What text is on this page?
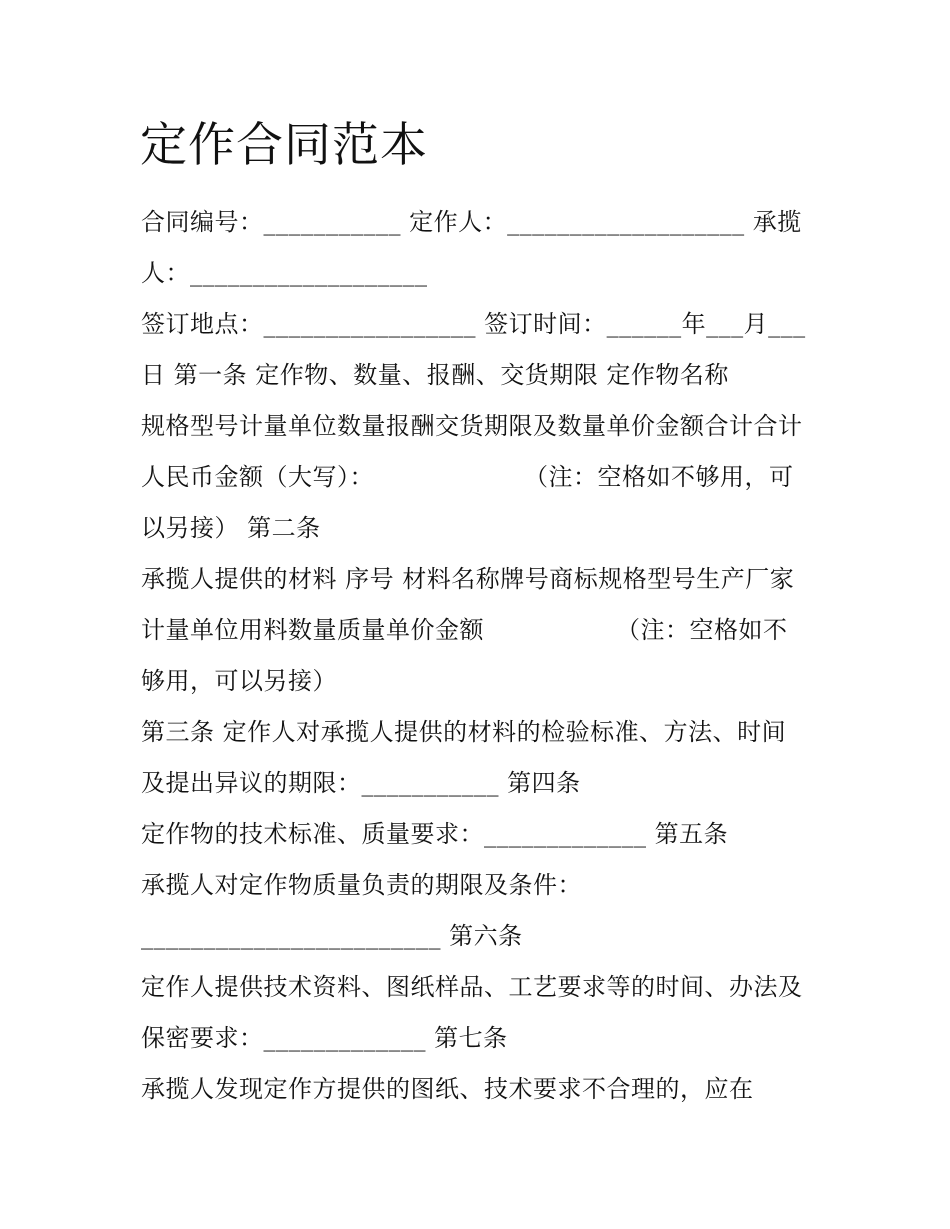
定作合同范本
合同编号：___________ 定作人：___________________ 承揽
人：___________________
签订地点：_________________ 签订时间：______年___月___
日 第一条 定作物、数量、报酬、交货期限 定作物名称
规格型号计量单位数量报酬交货期限及数量单价金额合计合计
人民币金额（大写）：	（注：空格如不够用，可
以另接） 第二条
承揽人提供的材料 序号 材料名称牌号商标规格型号生产厂家
计量单位用料数量质量单价金额	（注：空格如不
够用，可以另接）
第三条 定作人对承揽人提供的材料的检验标准、方法、时间
及提出异议的期限：___________ 第四条
定作物的技术标准、质量要求：_____________ 第五条
承揽人对定作物质量负责的期限及条件：
________________________ 第六条
定作人提供技术资料、图纸样品、工艺要求等的时间、办法及
保密要求：_____________ 第七条
承揽人发现定作方提供的图纸、技术要求不合理的，应在
